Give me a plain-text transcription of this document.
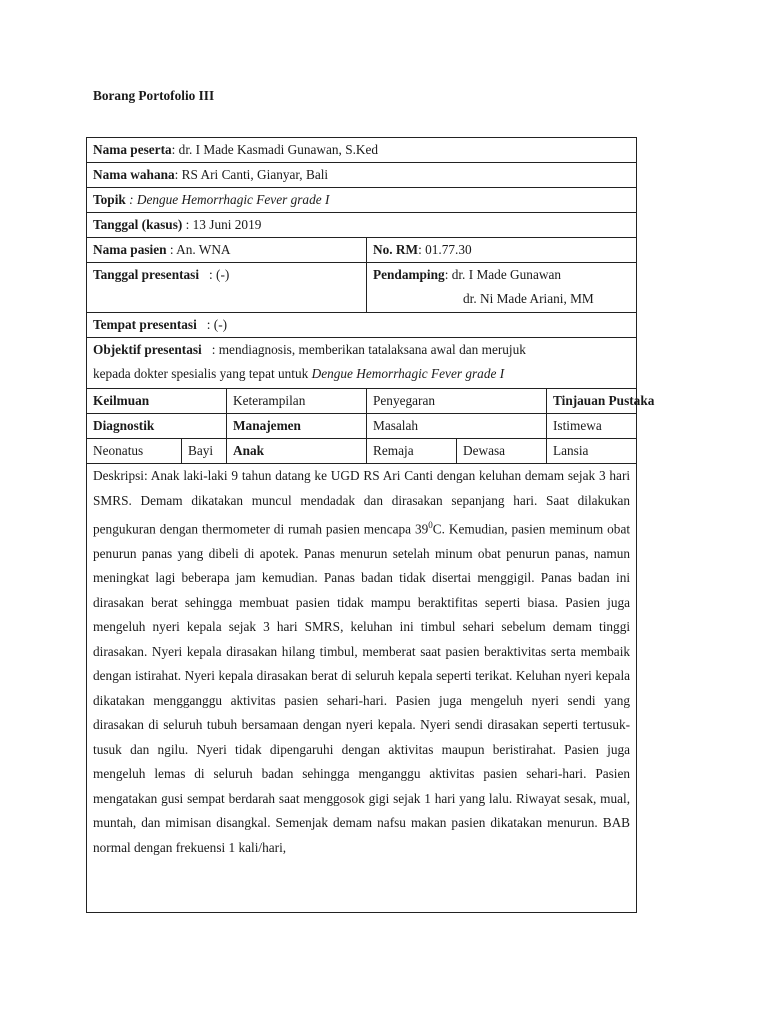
Borang Portofolio III
Nama peserta: dr. I Made Kasmadi Gunawan, S.Ked					
Nama wahana: RS Ari Canti, Gianyar, Bali					
Topik : Dengue Hemorrhagic Fever grade I					
Tanggal (kasus) : 13 Juni 2019					
Nama pasien : An. WNA			No. RM: 01.77.30		
Tanggal presentasi   : (-)			Pendamping: dr. I Made Gunawan
dr. Ni Made Ariani, MM		

Tempat presentasi   : (-)					

Objektif presentasi   : mendiagnosis, memberikan tatalaksana awal dan merujuk
kepada dokter spesialis yang tepat untuk Dengue Hemorrhagic Fever grade I					

Keilmuan		Keterampilan	Penyegaran		Tinjauan Pustaka
Diagnostik		Manajemen	Masalah		Istimewa
Neonatus	Bayi	Anak	Remaja	Dewasa	Lansia

Deskripsi: Anak laki-laki 9 tahun datang ke UGD RS Ari Canti dengan keluhan demam sejak 3 hari SMRS. Demam dikatakan muncul mendadak dan dirasakan sepanjang hari. Saat dilakukan pengukuran dengan thermometer di rumah pasien mencapa $39^0C$. Kemudian, pasien meminum obat penurun panas yang dibeli di apotek. Panas menurun setelah minum obat penurun panas, namun meningkat lagi beberapa jam kemudian. Panas badan tidak disertai menggigil. Panas badan ini dirasakan berat sehingga membuat pasien tidak mampu beraktifitas seperti biasa. Pasien juga mengeluh nyeri kepala sejak 3 hari SMRS, keluhan ini timbul sehari sebelum demam tinggi dirasakan. Nyeri kepala dirasakan hilang timbul, memberat saat pasien beraktivitas serta membaik dengan istirahat. Nyeri kepala dirasakan berat di seluruh kepala seperti terikat. Keluhan nyeri kepala dikatakan mengganggu aktivitas pasien sehari-hari. Pasien juga mengeluh nyeri sendi yang dirasakan di seluruh tubuh bersamaan dengan nyeri kepala. Nyeri sendi dirasakan seperti tertusuk-tusuk dan ngilu. Nyeri tidak dipengaruhi dengan aktivitas maupun beristirahat. Pasien juga mengeluh lemas di seluruh badan sehingga menganggu aktivitas pasien sehari-hari. Pasien mengatakan gusi sempat berdarah saat menggosok gigi sejak 1 hari yang lalu. Riwayat sesak, mual, muntah, dan mimisan disangkal. Semenjak demam nafsu makan pasien dikatakan menurun. BAB normal dengan frekuensi 1 kali/hari,					
